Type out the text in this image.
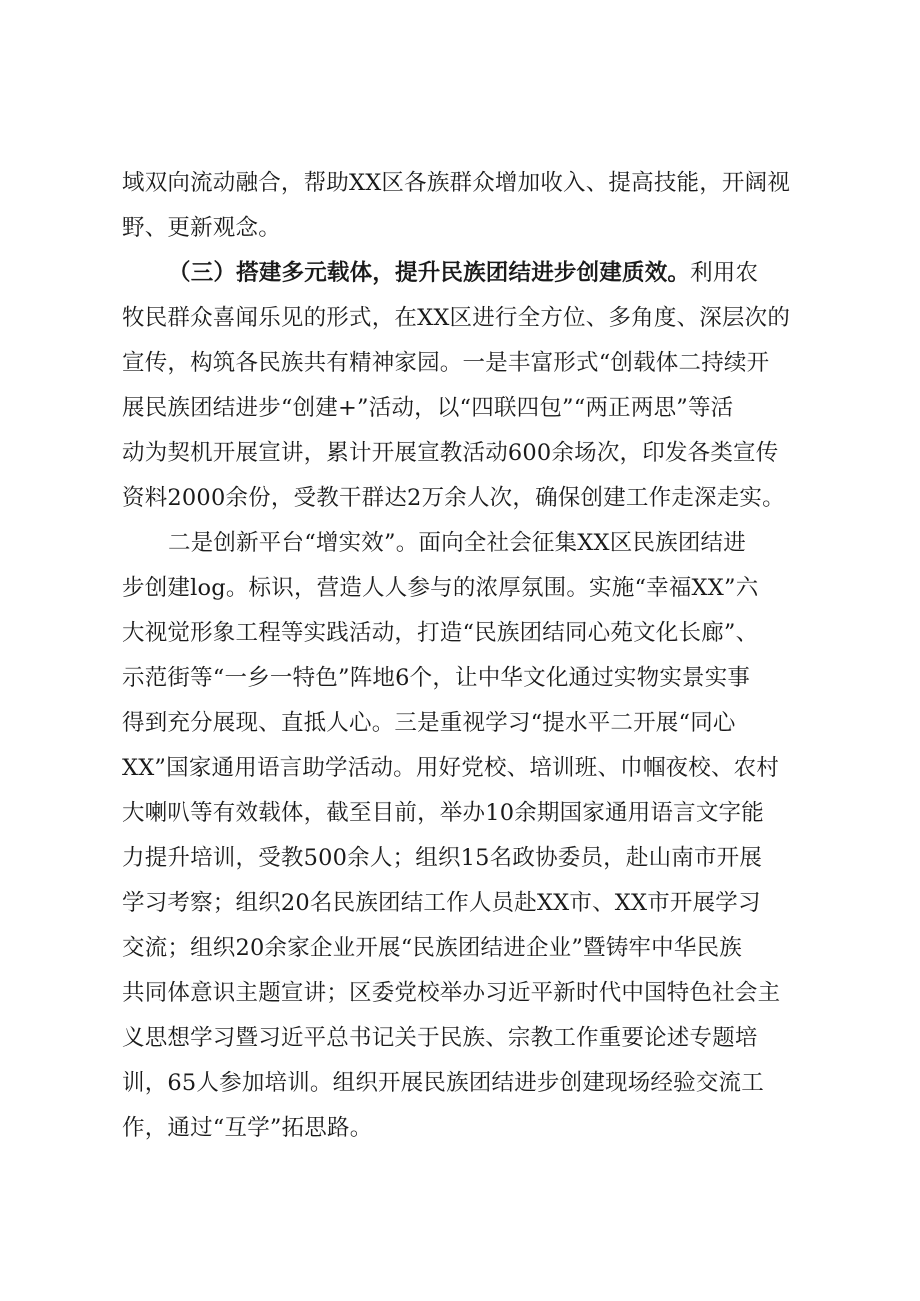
域双向流动融合，帮助XX区各族群众增加收入、提高技能，开阔视
野、更新观念。
（三）搭建多元载体，提升民族团结进步创建质效。利用农
牧民群众喜闻乐见的形式，在XX区进行全方位、多角度、深层次的
宣传，构筑各民族共有精神家园。一是丰富形式“创载体二持续开
展民族团结进步“创建+”活动，以“四联四包”“两正两思”等活
动为契机开展宣讲，累计开展宣教活动600余场次，印发各类宣传
资料2000余份，受教干群达2万余人次，确保创建工作走深走实。
二是创新平台“增实效”。面向全社会征集XX区民族团结进
步创建log。标识，营造人人参与的浓厚氛围。实施“幸福XX”六
大视觉形象工程等实践活动，打造“民族团结同心苑文化长廊”、
示范街等“一乡一特色”阵地6个，让中华文化通过实物实景实事
得到充分展现、直抵人心。三是重视学习“提水平二开展“同心
XX”国家通用语言助学活动。用好党校、培训班、巾帼夜校、农村
大喇叭等有效载体，截至目前，举办10余期国家通用语言文字能
力提升培训，受教500余人；组织15名政协委员，赴山南市开展
学习考察；组织20名民族团结工作人员赴XX市、XX市开展学习
交流；组织20余家企业开展“民族团结进企业”暨铸牢中华民族
共同体意识主题宣讲；区委党校举办习近平新时代中国特色社会主
义思想学习暨习近平总书记关于民族、宗教工作重要论述专题培
训，65人参加培训。组织开展民族团结进步创建现场经验交流工
作，通过“互学”拓思路。
